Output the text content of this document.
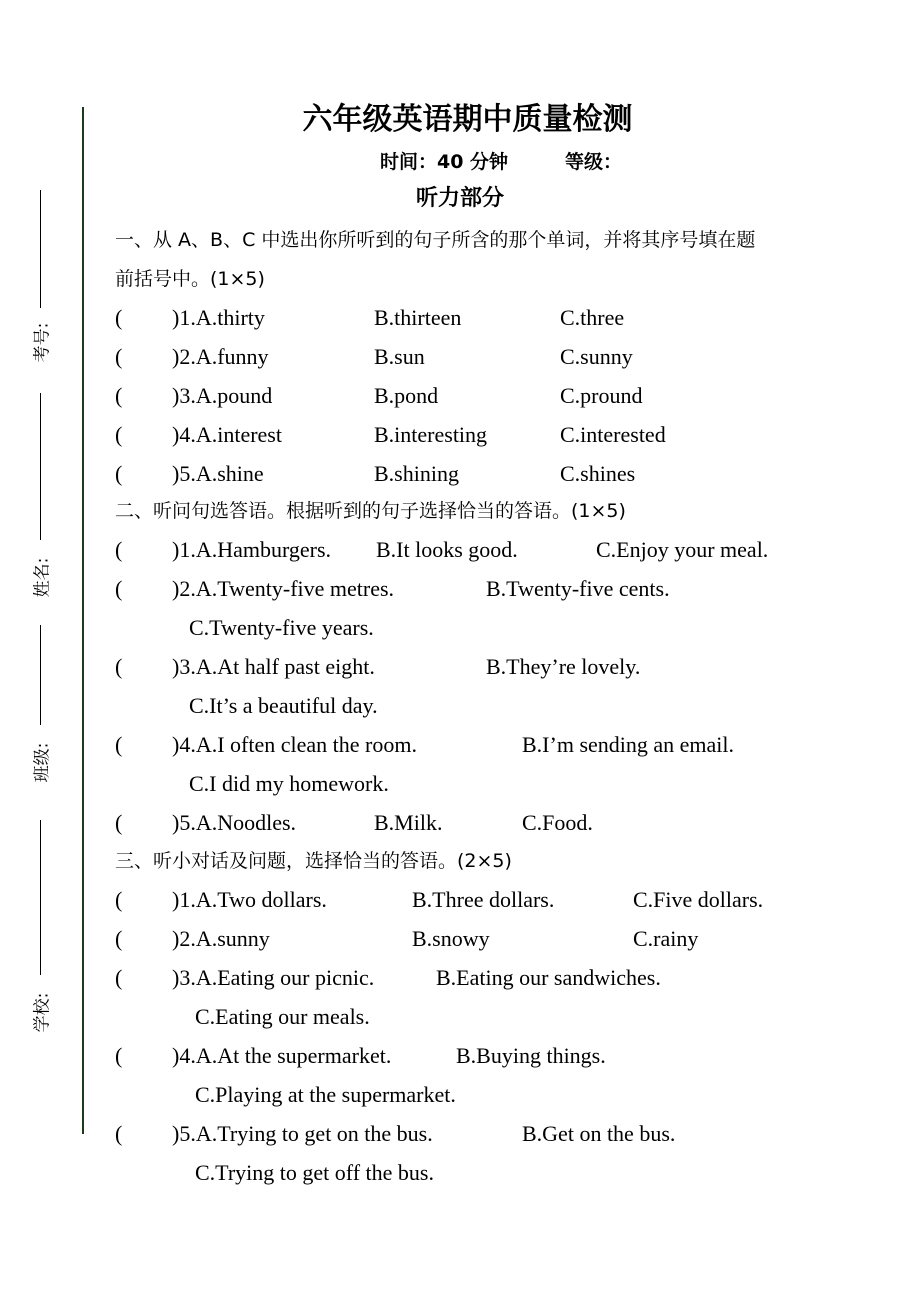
考号:
姓名:
班级:
学校:
六年级英语期中质量检测
时间：40 分钟	等级：
听力部分
一、从 A、B、C 中选出你所听到的句子所含的那个单词，并将其序号填在题
前括号中。(1×5)
二、听问句选答语。根据听到的句子选择恰当的答语。(1×5)
三、听小对话及问题，选择恰当的答语。(2×5)
( )1.A.thirty	B.thirteen	C.three
( )2.A.funny	B.sun	C.sunny
( )3.A.pound	B.pond	C.pround
( )4.A.interest	B.interesting	C.interested
( )5.A.shine	B.shining	C.shines
( )1.A.Hamburgers. B.It looks good.	C.Enjoy your meal.
( )2.A.Twenty-five metres.	B.Twenty-five cents.
C.Twenty-five years.
( )3.A.At half past eight.	B.They’re lovely.
C.It’s a beautiful day.
( )4.A.I often clean the room.	B.I’m sending an email.
C.I did my homework.
( )5.A.Noodles.	B.Milk.	C.Food.
( )1.A.Two dollars.	B.Three dollars.	C.Five dollars.
( )2.A.sunny	B.snowy	C.rainy
( )3.A.Eating our picnic.	B.Eating our sandwiches.
C.Eating our meals.
( )4.A.At the supermarket.	B.Buying things.
C.Playing at the supermarket.
( )5.A.Trying to get on the bus.	B.Get on the bus.
C.Trying to get off the bus.
